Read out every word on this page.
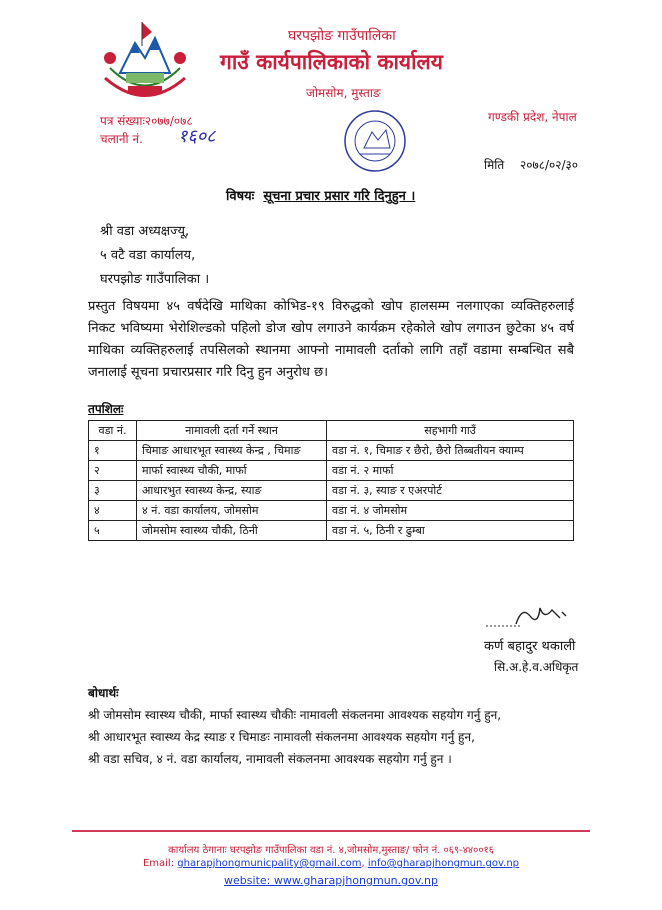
घरपझोङ गाउँपालिका
गाउँ कार्यपालिकाको कार्यालय
जोमसोम, मुस्ताङ
पत्र संख्याः२०७७/०७८
चलानी नं. १६०८
गण्डकी प्रदेश, नेपाल
मिति २०७८/०२/३०
विषयः सूचना प्रचार प्रसार गरि दिनुहुन ।
श्री वडा अध्यक्षज्यू,
५ वटै वडा कार्यालय,
घरपझोङ गाउँपालिका ।
प्रस्तुत विषयमा ४५ वर्षदेखि माथिका कोभिड-१९ विरुद्धको खोप हालसम्म नलगाएका व्यक्तिहरुलाई निकट भविष्यमा भेरोशिल्डको पहिलो डोज खोप लगाउने कार्यक्रम रहेकोले खोप लगाउन छुटेका ४५ वर्ष माथिका व्यक्तिहरुलाई तपसिलको स्थानमा आफ्नो नामावली दर्ताको लागि तहाँ वडामा सम्बन्धित सबै जनालाई सूचना प्रचारप्रसार गरि दिनु हुन अनुरोध छ।
तपशिलः
वडा नं.	नामावली दर्ता गर्ने स्थान	सहभागी गाउँ
१	चिमाङ आधारभूत स्वास्थ्य केन्द्र , चिमाङ	वडा नं. १, चिमाङ र छैरो, छैरो तिब्बतीयन क्याम्प
२	मार्फा स्वास्थ्य चौकी, मार्फा	वडा नं. २ मार्फा
३	आधारभुत स्वास्थ्य केन्द्र, स्याङ	वडा नं. ३, स्याङ र एअरपोर्ट
४	४ नं. वडा कार्यालय, जोमसोम	वडा नं. ४ जोमसोम
५	जोमसोम स्वास्थ्य चौकी, ठिनी	वडा नं. ५, ठिनी र ढुम्बा
कर्ण बहादुर थकाली
सि.अ.हे.व.अधिकृत
बोधार्थः
श्री जोमसोम स्वास्थ्य चौकी, मार्फा स्वास्थ्य चौकीः नामावली संकलनमा आवश्यक सहयोग गर्नु हुन,
श्री आधारभूत स्वास्थ्य केद्र स्याङ र चिमाङः नामावली संकलनमा आवश्यक सहयोग गर्नु हुन,
श्री वडा सचिव, ४ नं. वडा कार्यालय, नामावली संकलनमा आवश्यक सहयोग गर्नु हुन ।
कार्यालय ठेगानाः घरपझोङ गाउँपालिका वडा नं. ४,जोमसोम,मुस्ताङ/ फोन नं. ०६९-४४००१६
Email: gharapjhongmunicpality@gmail.com, info@gharapjhongmun.gov.np
website: www.gharapjhongmun.gov.np
